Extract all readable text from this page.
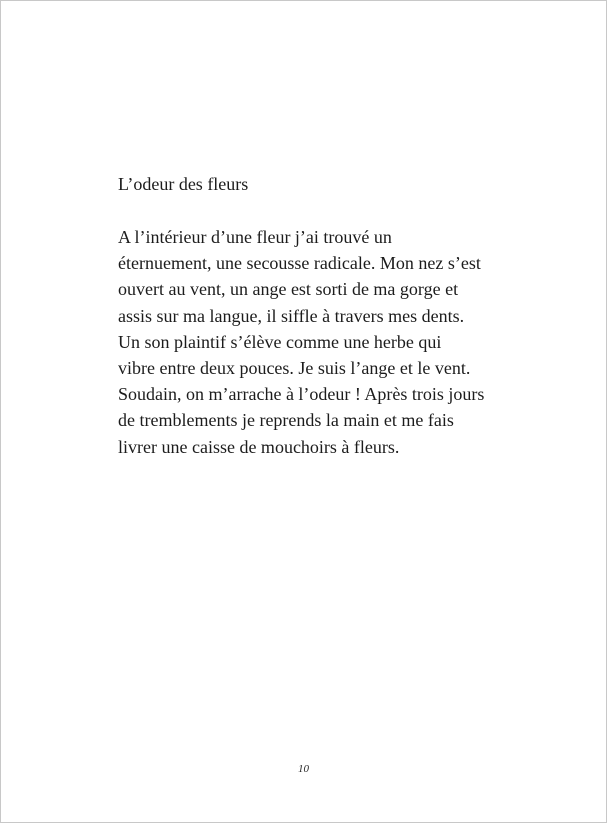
L’odeur des fleurs
A l’intérieur d’une fleur j’ai trouvé un
éternuement, une secousse radicale. Mon nez s’est
ouvert au vent, un ange est sorti de ma gorge et
assis sur ma langue, il siffle à travers mes dents.
Un son plaintif s’élève comme une herbe qui
vibre entre deux pouces. Je suis l’ange et le vent.
Soudain, on m’arrache à l’odeur ! Après trois jours
de tremblements je reprends la main et me fais
livrer une caisse de mouchoirs à fleurs.
10
